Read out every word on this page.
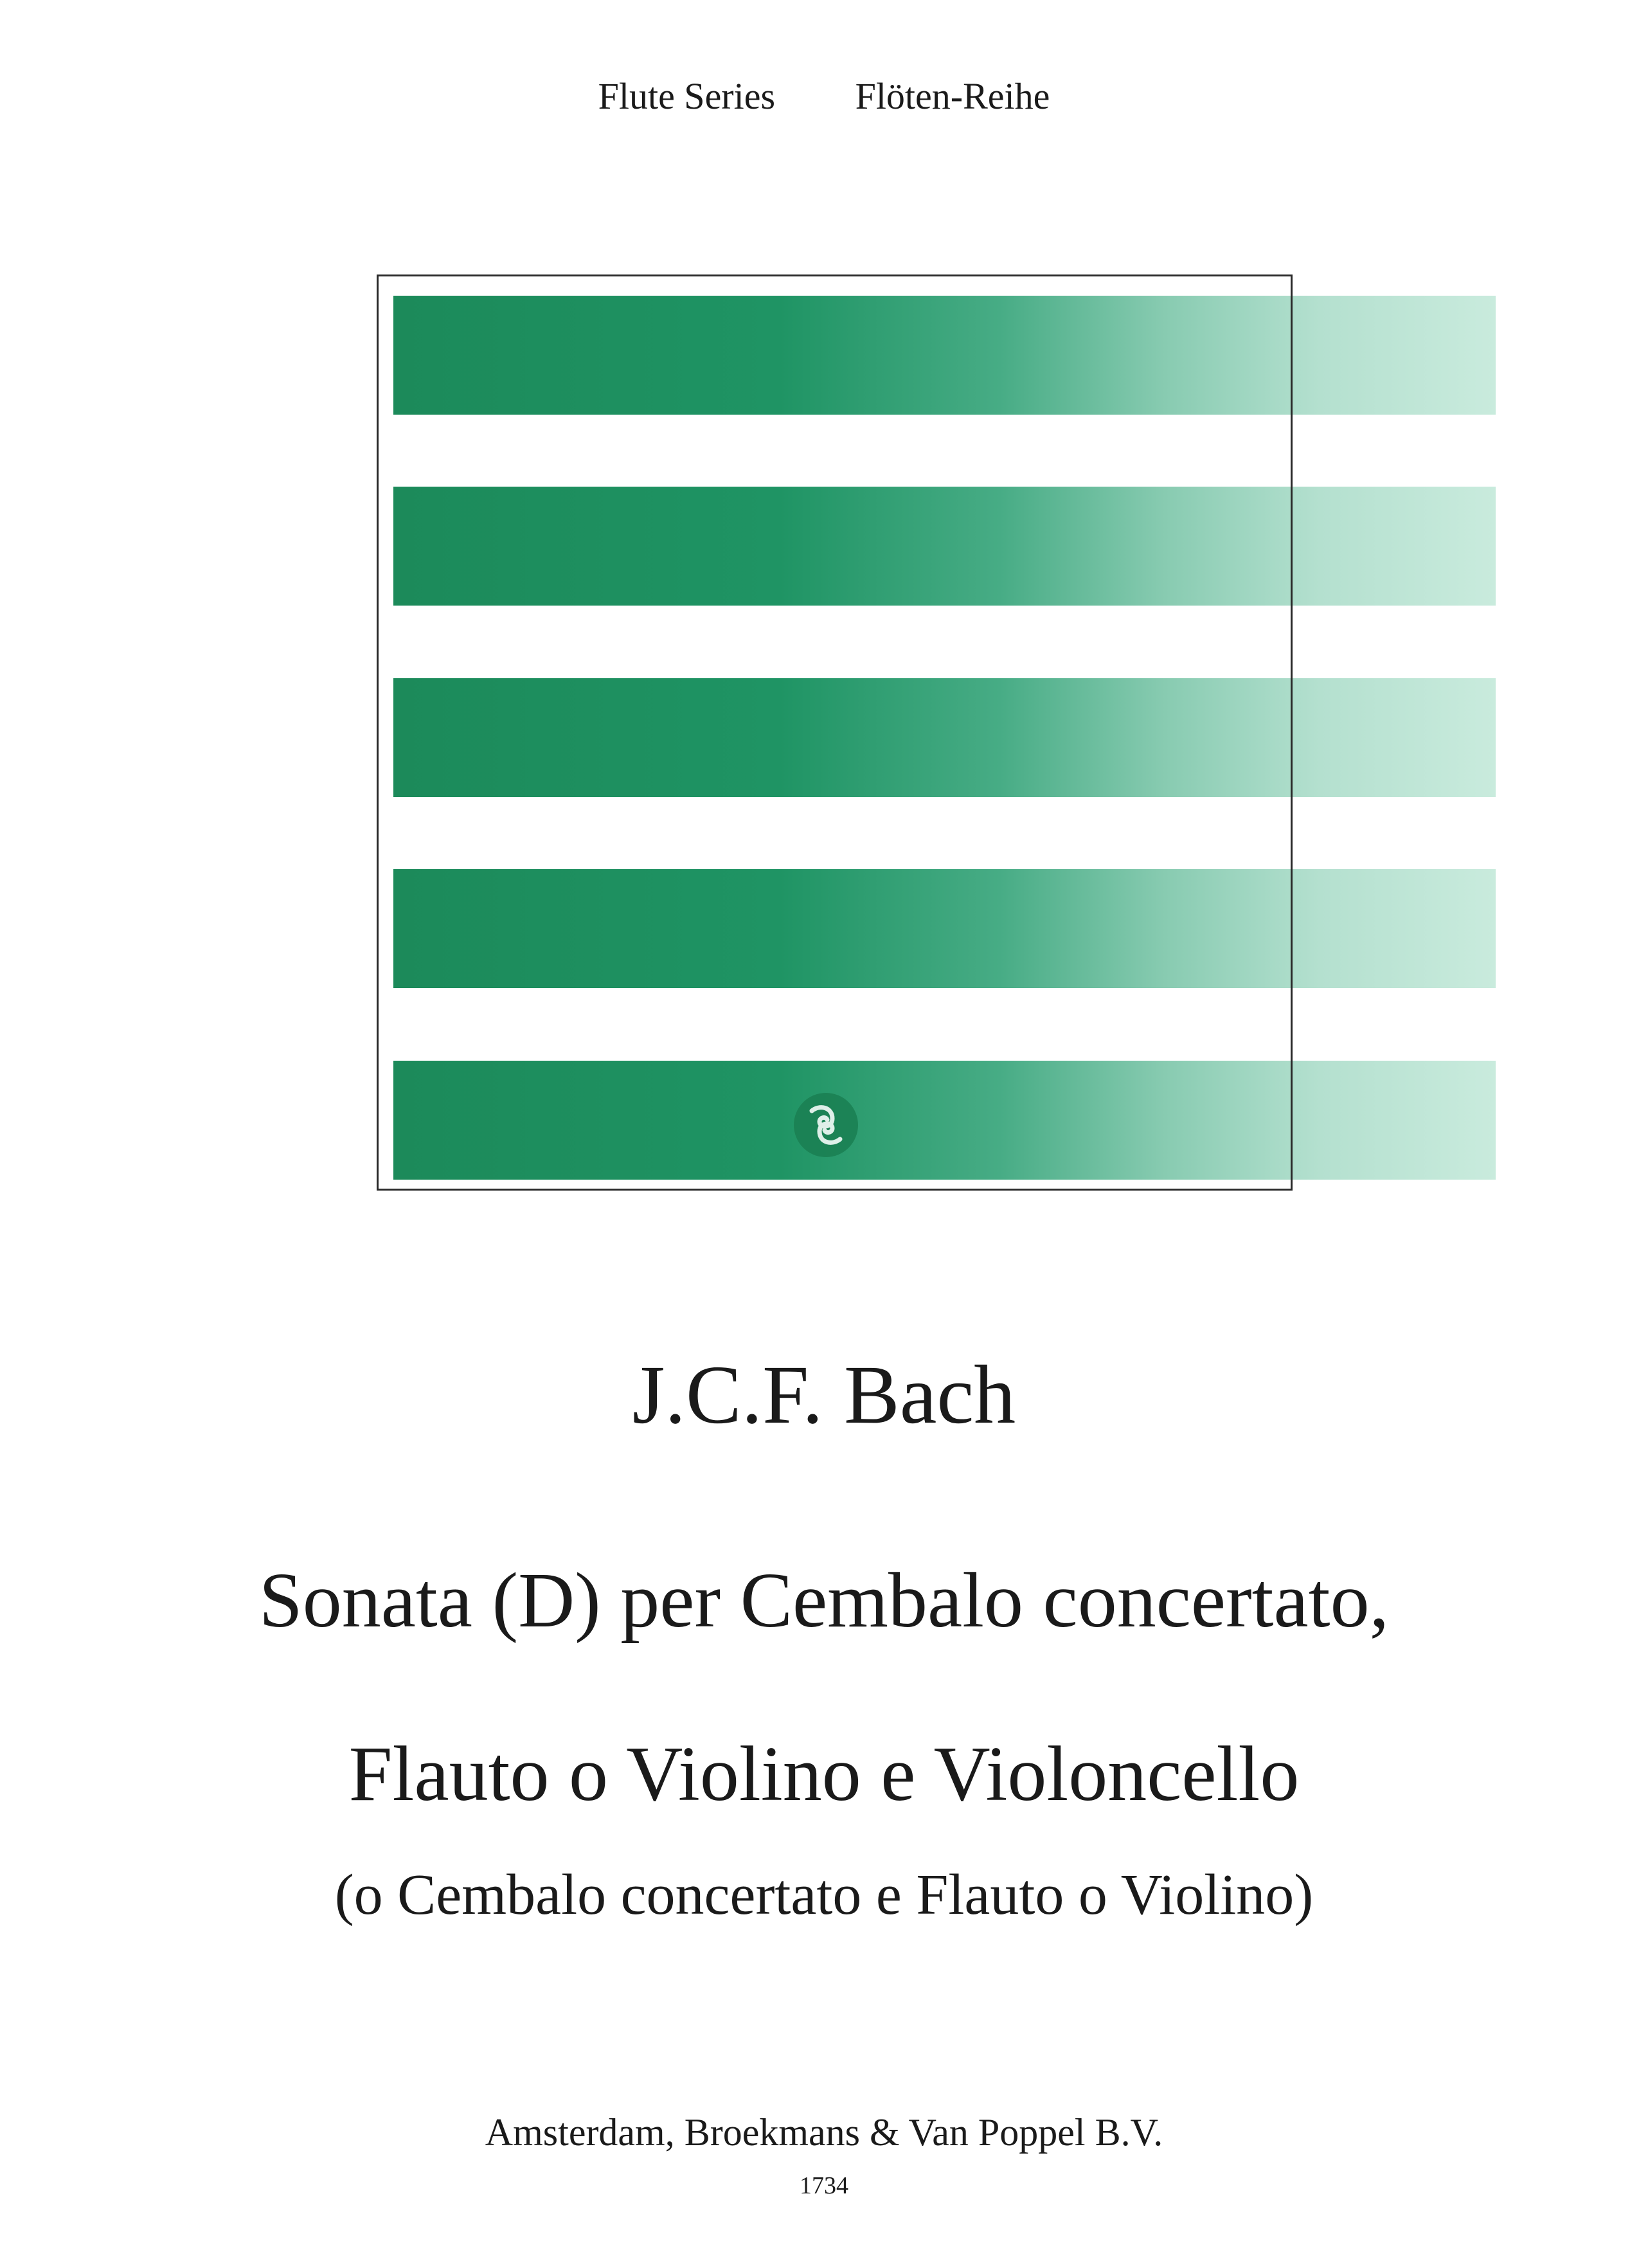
Flute Series Flöten-Reihe
J.C.F. Bach
Sonata (D) per Cembalo concertato,
Flauto o Violino e Violoncello
(o Cembalo concertato e Flauto o Violino)
Amsterdam, Broekmans & Van Poppel B.V.
1734
